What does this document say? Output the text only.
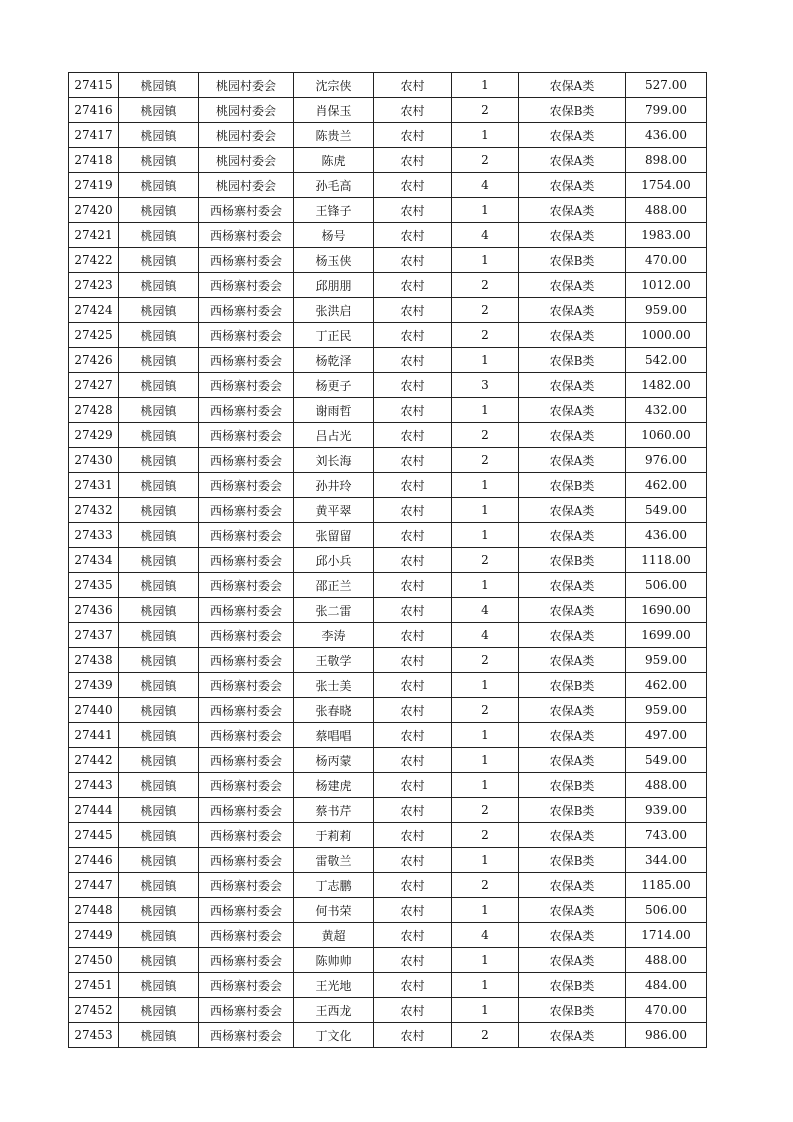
27415	桃园镇	桃园村委会	沈宗侠	农村	1	农保A类	527.00
27416	桃园镇	桃园村委会	肖保玉	农村	2	农保B类	799.00
27417	桃园镇	桃园村委会	陈贵兰	农村	1	农保A类	436.00
27418	桃园镇	桃园村委会	陈虎	农村	2	农保A类	898.00
27419	桃园镇	桃园村委会	孙毛高	农村	4	农保A类	1754.00
27420	桃园镇	西杨寨村委会	王锋子	农村	1	农保A类	488.00
27421	桃园镇	西杨寨村委会	杨号	农村	4	农保A类	1983.00
27422	桃园镇	西杨寨村委会	杨玉侠	农村	1	农保B类	470.00
27423	桃园镇	西杨寨村委会	邱朋朋	农村	2	农保A类	1012.00
27424	桃园镇	西杨寨村委会	张洪启	农村	2	农保A类	959.00
27425	桃园镇	西杨寨村委会	丁正民	农村	2	农保A类	1000.00
27426	桃园镇	西杨寨村委会	杨乾泽	农村	1	农保B类	542.00
27427	桃园镇	西杨寨村委会	杨更子	农村	3	农保A类	1482.00
27428	桃园镇	西杨寨村委会	谢雨哲	农村	1	农保A类	432.00
27429	桃园镇	西杨寨村委会	吕占光	农村	2	农保A类	1060.00
27430	桃园镇	西杨寨村委会	刘长海	农村	2	农保A类	976.00
27431	桃园镇	西杨寨村委会	孙井玲	农村	1	农保B类	462.00
27432	桃园镇	西杨寨村委会	黄平翠	农村	1	农保A类	549.00
27433	桃园镇	西杨寨村委会	张留留	农村	1	农保A类	436.00
27434	桃园镇	西杨寨村委会	邱小兵	农村	2	农保B类	1118.00
27435	桃园镇	西杨寨村委会	邵正兰	农村	1	农保A类	506.00
27436	桃园镇	西杨寨村委会	张二雷	农村	4	农保A类	1690.00
27437	桃园镇	西杨寨村委会	李涛	农村	4	农保A类	1699.00
27438	桃园镇	西杨寨村委会	王敬学	农村	2	农保A类	959.00
27439	桃园镇	西杨寨村委会	张士美	农村	1	农保B类	462.00
27440	桃园镇	西杨寨村委会	张春晓	农村	2	农保A类	959.00
27441	桃园镇	西杨寨村委会	蔡唱唱	农村	1	农保A类	497.00
27442	桃园镇	西杨寨村委会	杨丙蒙	农村	1	农保A类	549.00
27443	桃园镇	西杨寨村委会	杨建虎	农村	1	农保B类	488.00
27444	桃园镇	西杨寨村委会	蔡书芹	农村	2	农保B类	939.00
27445	桃园镇	西杨寨村委会	于莉莉	农村	2	农保A类	743.00
27446	桃园镇	西杨寨村委会	雷敬兰	农村	1	农保B类	344.00
27447	桃园镇	西杨寨村委会	丁志鹏	农村	2	农保A类	1185.00
27448	桃园镇	西杨寨村委会	何书荣	农村	1	农保A类	506.00
27449	桃园镇	西杨寨村委会	黄超	农村	4	农保A类	1714.00
27450	桃园镇	西杨寨村委会	陈帅帅	农村	1	农保A类	488.00
27451	桃园镇	西杨寨村委会	王光地	农村	1	农保B类	484.00
27452	桃园镇	西杨寨村委会	王西龙	农村	1	农保B类	470.00
27453	桃园镇	西杨寨村委会	丁文化	农村	2	农保A类	986.00
